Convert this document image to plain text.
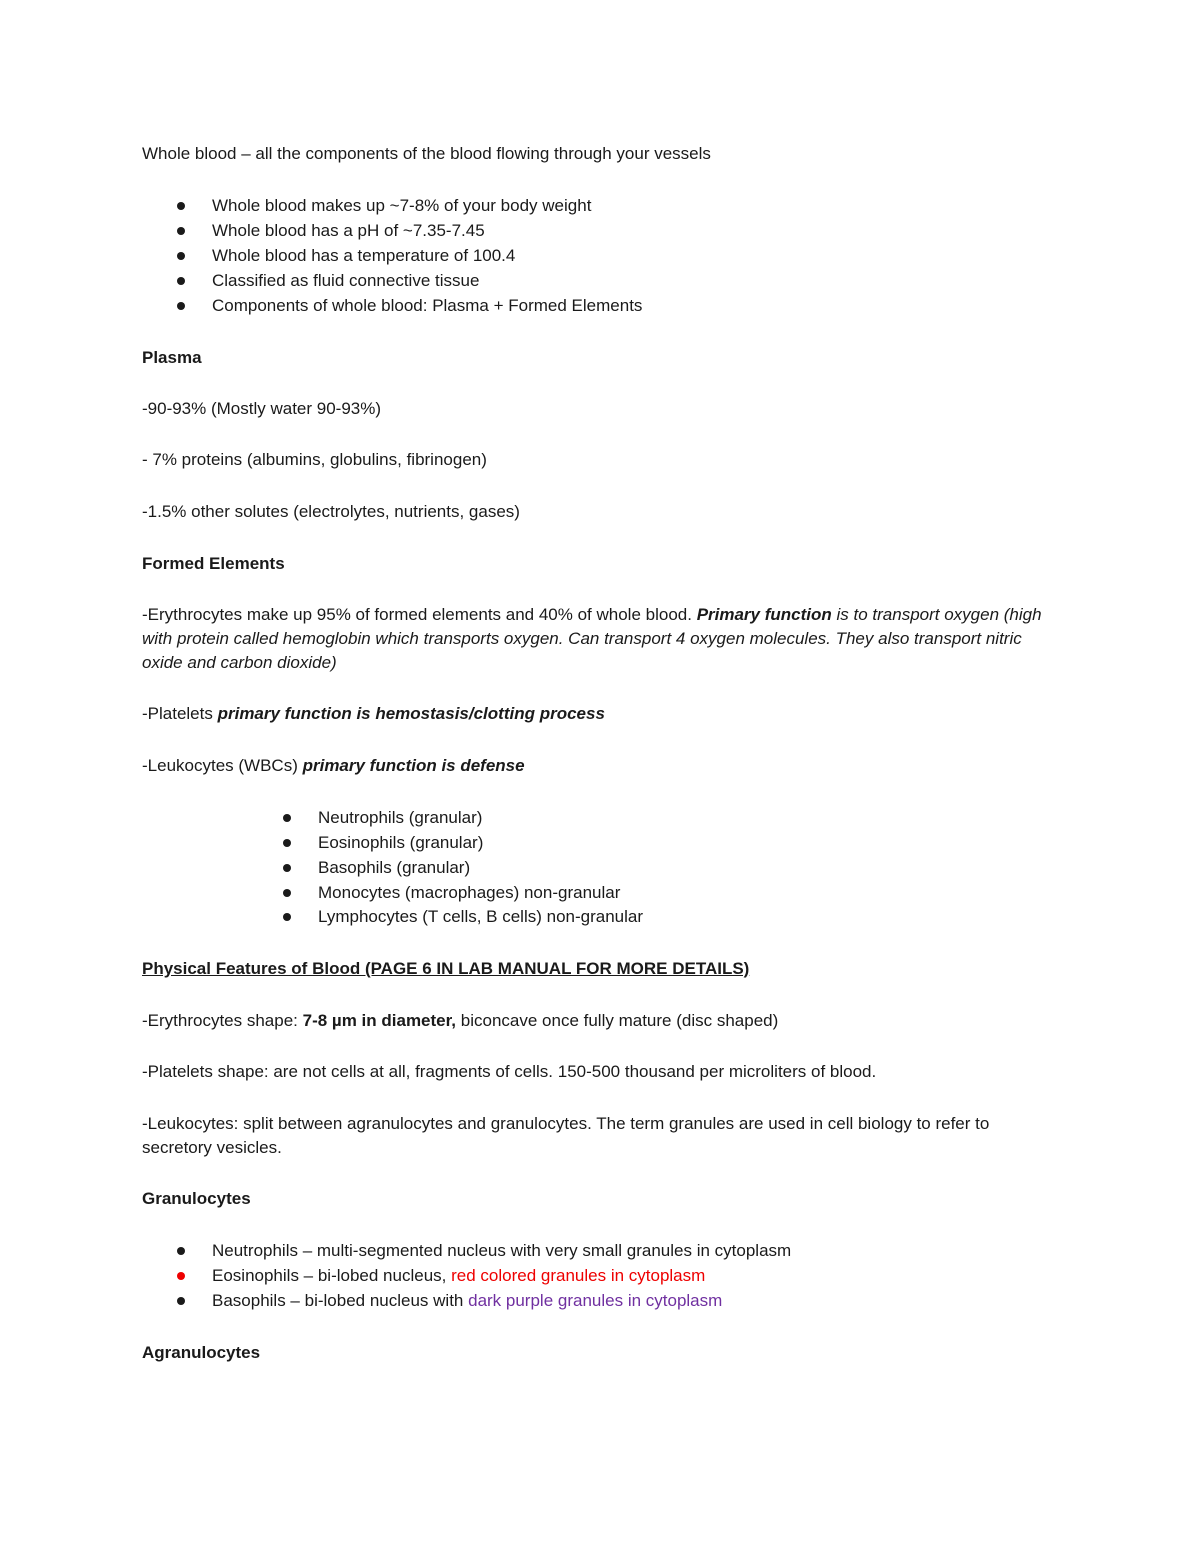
Whole blood – all the components of the blood flowing through your vessels
Whole blood makes up ~7-8% of your body weight
Whole blood has a pH of ~7.35-7.45
Whole blood has a temperature of 100.4
Classified as fluid connective tissue
Components of whole blood: Plasma + Formed Elements
Plasma
-90-93% (Mostly water 90-93%)
- 7% proteins (albumins, globulins, fibrinogen)
-1.5% other solutes (electrolytes, nutrients, gases)
Formed Elements
-Erythrocytes make up 95% of formed elements and 40% of whole blood. Primary function is to transport oxygen (high with protein called hemoglobin which transports oxygen. Can transport 4 oxygen molecules. They also transport nitric oxide and carbon dioxide)
-Platelets primary function is hemostasis/clotting process
-Leukocytes (WBCs) primary function is defense
Neutrophils (granular)
Eosinophils (granular)
Basophils (granular)
Monocytes (macrophages) non-granular
Lymphocytes (T cells, B cells) non-granular
Physical Features of Blood (PAGE 6 IN LAB MANUAL FOR MORE DETAILS)
-Erythrocytes shape: 7-8 µm in diameter, biconcave once fully mature (disc shaped)
-Platelets shape: are not cells at all, fragments of cells. 150-500 thousand per microliters of blood.
-Leukocytes: split between agranulocytes and granulocytes. The term granules are used in cell biology to refer to secretory vesicles.
Granulocytes
Neutrophils – multi-segmented nucleus with very small granules in cytoplasm
Eosinophils – bi-lobed nucleus, red colored granules in cytoplasm
Basophils – bi-lobed nucleus with dark purple granules in cytoplasm
Agranulocytes
